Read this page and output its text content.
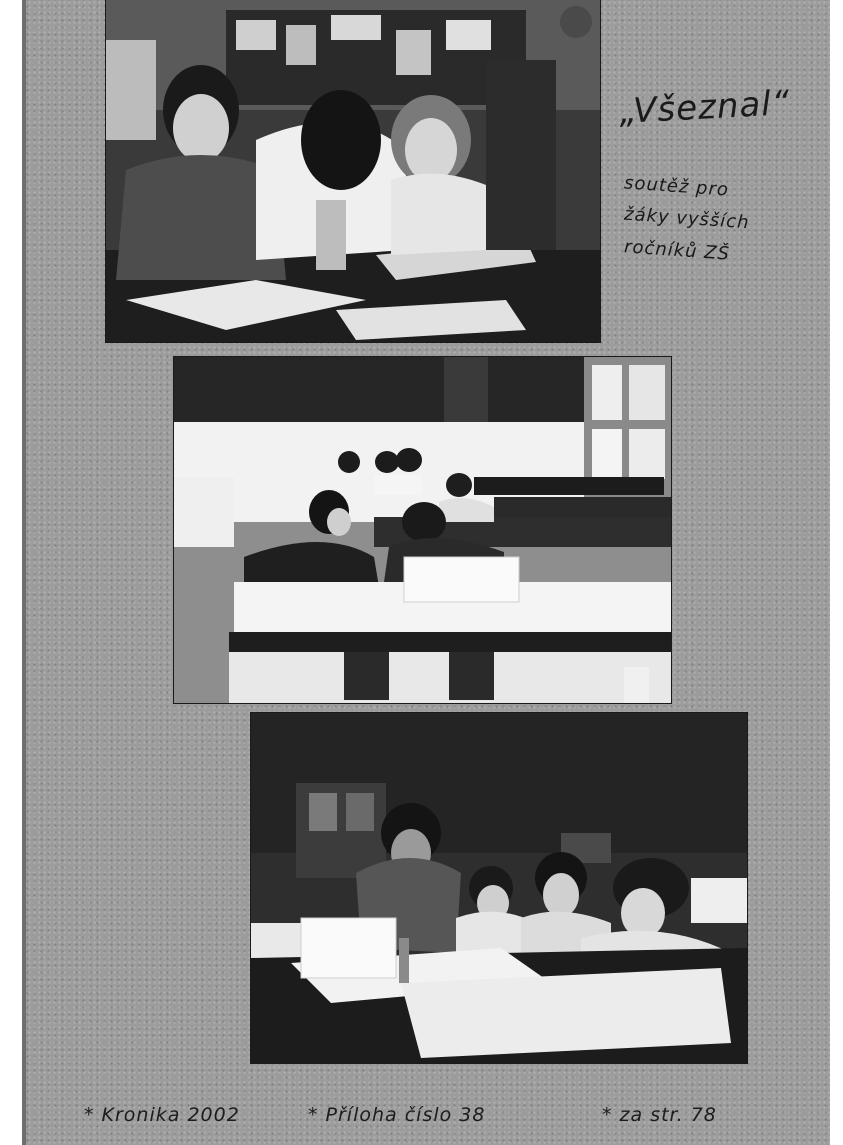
„Všeznal“
soutěž pro
žáky vyšších
ročníků ZŠ
* Kronika 2002	* Příloha číslo 38	* za str. 78
